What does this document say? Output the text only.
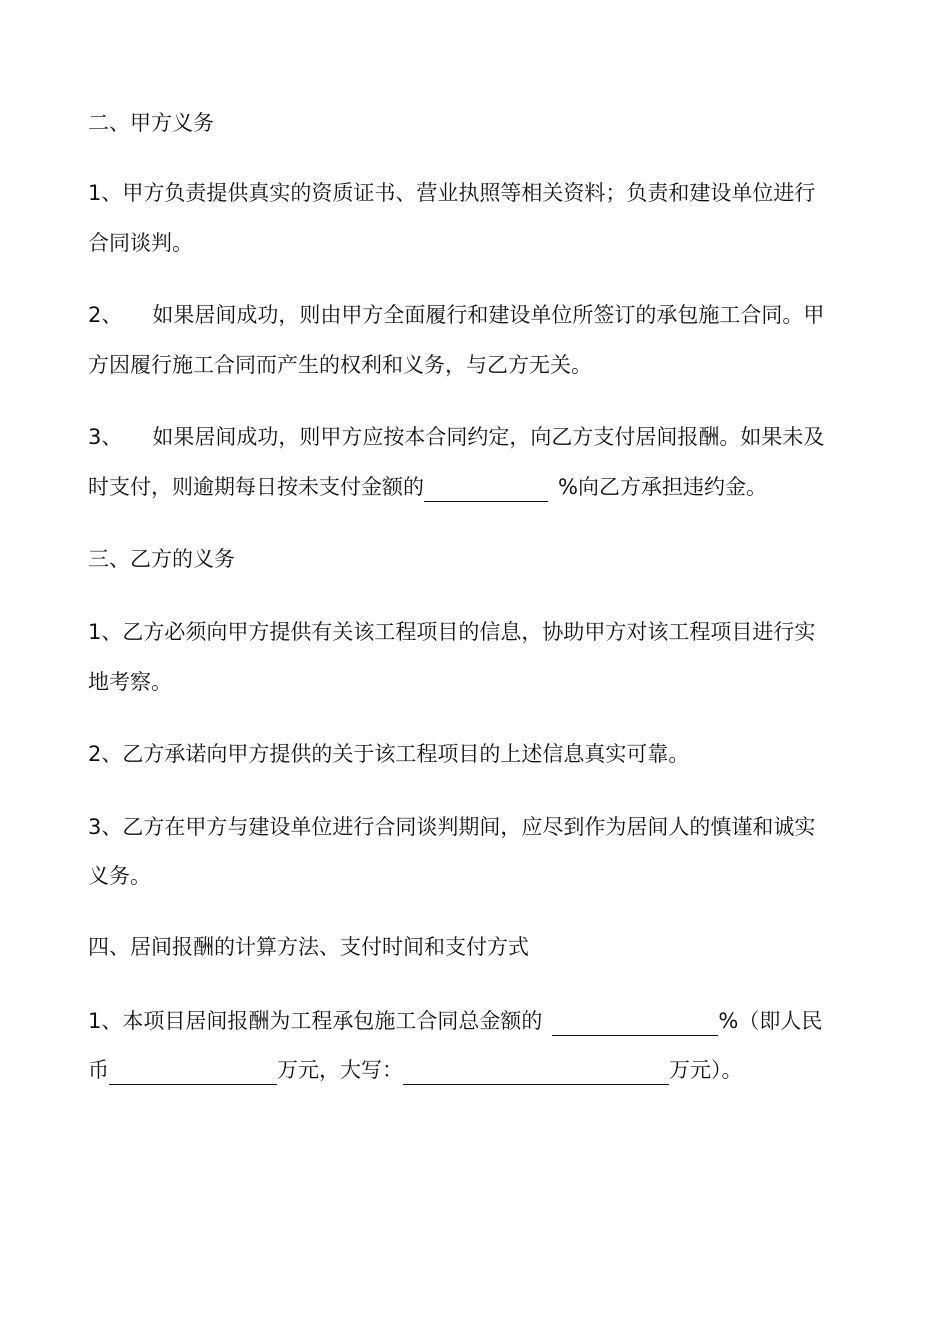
二、甲方义务
1、甲方负责提供真实的资质证书、营业执照等相关资料；负责和建设单位进行
合同谈判。
2、 如果居间成功，则由甲方全面履行和建设单位所签订的承包施工合同。甲
方因履行施工合同而产生的权利和义务，与乙方无关。
3、 如果居间成功，则甲方应按本合同约定，向乙方支付居间报酬。如果未及
时支付，则逾期每日按未支付金额的	%向乙方承担违约金。
三、乙方的义务
1、乙方必须向甲方提供有关该工程项目的信息，协助甲方对该工程项目进行实
地考察。
2、乙方承诺向甲方提供的关于该工程项目的上述信息真实可靠。
3、乙方在甲方与建设单位进行合同谈判期间，应尽到作为居间人的慎谨和诚实
义务。
四、居间报酬的计算方法、支付时间和支付方式
1、本项目居间报酬为工程承包施工合同总金额的	%（即人民
币	万元，大写：	万元）。
